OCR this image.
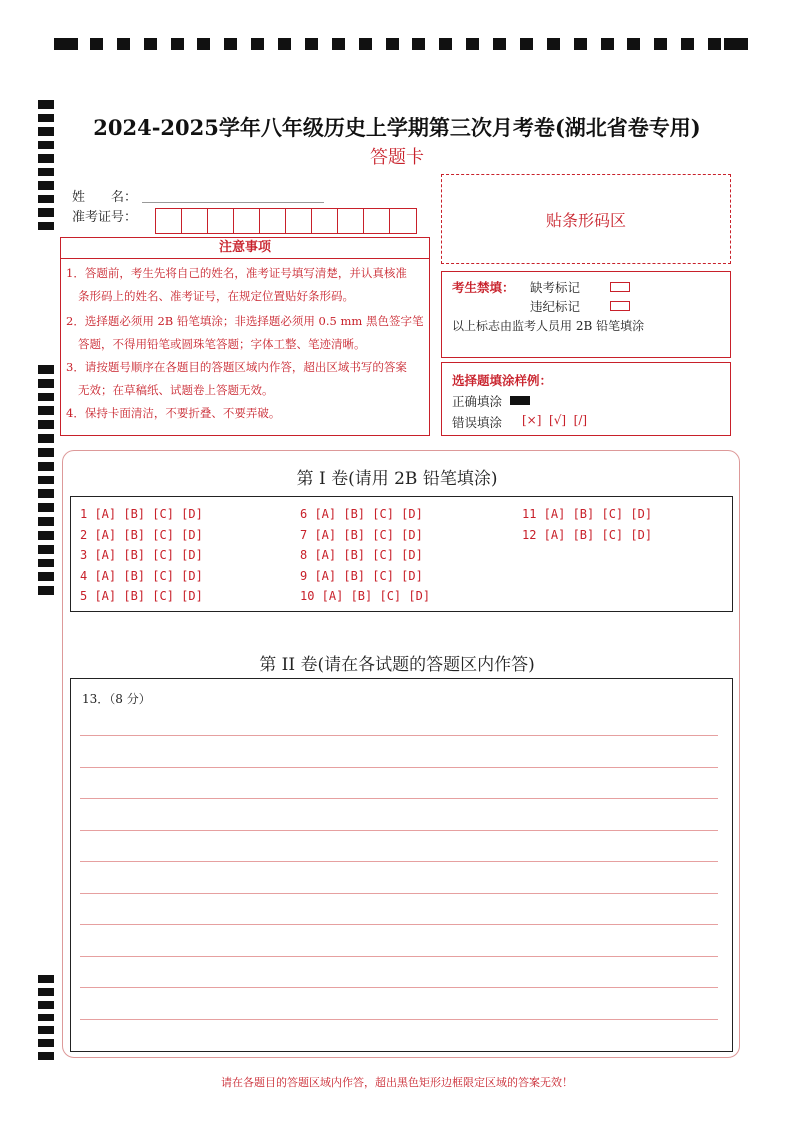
2024-2025学年八年级历史上学期第三次月考卷(湖北省卷专用)
答题卡
姓　　名：
准考证号：	贴条形码区
注意事项
1．答题前，考生先将自己的姓名，准考证号填写清楚，并认真核准
条形码上的姓名、准考证号，在规定位置贴好条形码。
2．选择题必须用 2B 铅笔填涂；非选择题必须用 0.5 mm 黑色签字笔
答题，不得用铅笔或圆珠笔答题；字体工整、笔迹清晰。
3．请按题号顺序在各题目的答题区域内作答，超出区域书写的答案
无效；在草稿纸、试题卷上答题无效。
4．保持卡面清洁，不要折叠、不要弄破。
考生禁填： 缺考标记
违纪标记
以上标志由监考人员用 2B 铅笔填涂
选择题填涂样例：
正确填涂
错误填涂 [×]  [√]  [/]
第 I 卷(请用 2B 铅笔填涂)
1 [A] [B] [C] [D]
2 [A] [B] [C] [D]
3 [A] [B] [C] [D]
4 [A] [B] [C] [D]
5 [A] [B] [C] [D]
6 [A] [B] [C] [D]
7 [A] [B] [C] [D]
8 [A] [B] [C] [D]
9 [A] [B] [C] [D]
10 [A] [B] [C] [D]
11 [A] [B] [C] [D]
12 [A] [B] [C] [D]
第 II 卷(请在各试题的答题区内作答)
13．（8 分）
请在各题目的答题区域内作答，超出黑色矩形边框限定区域的答案无效！
